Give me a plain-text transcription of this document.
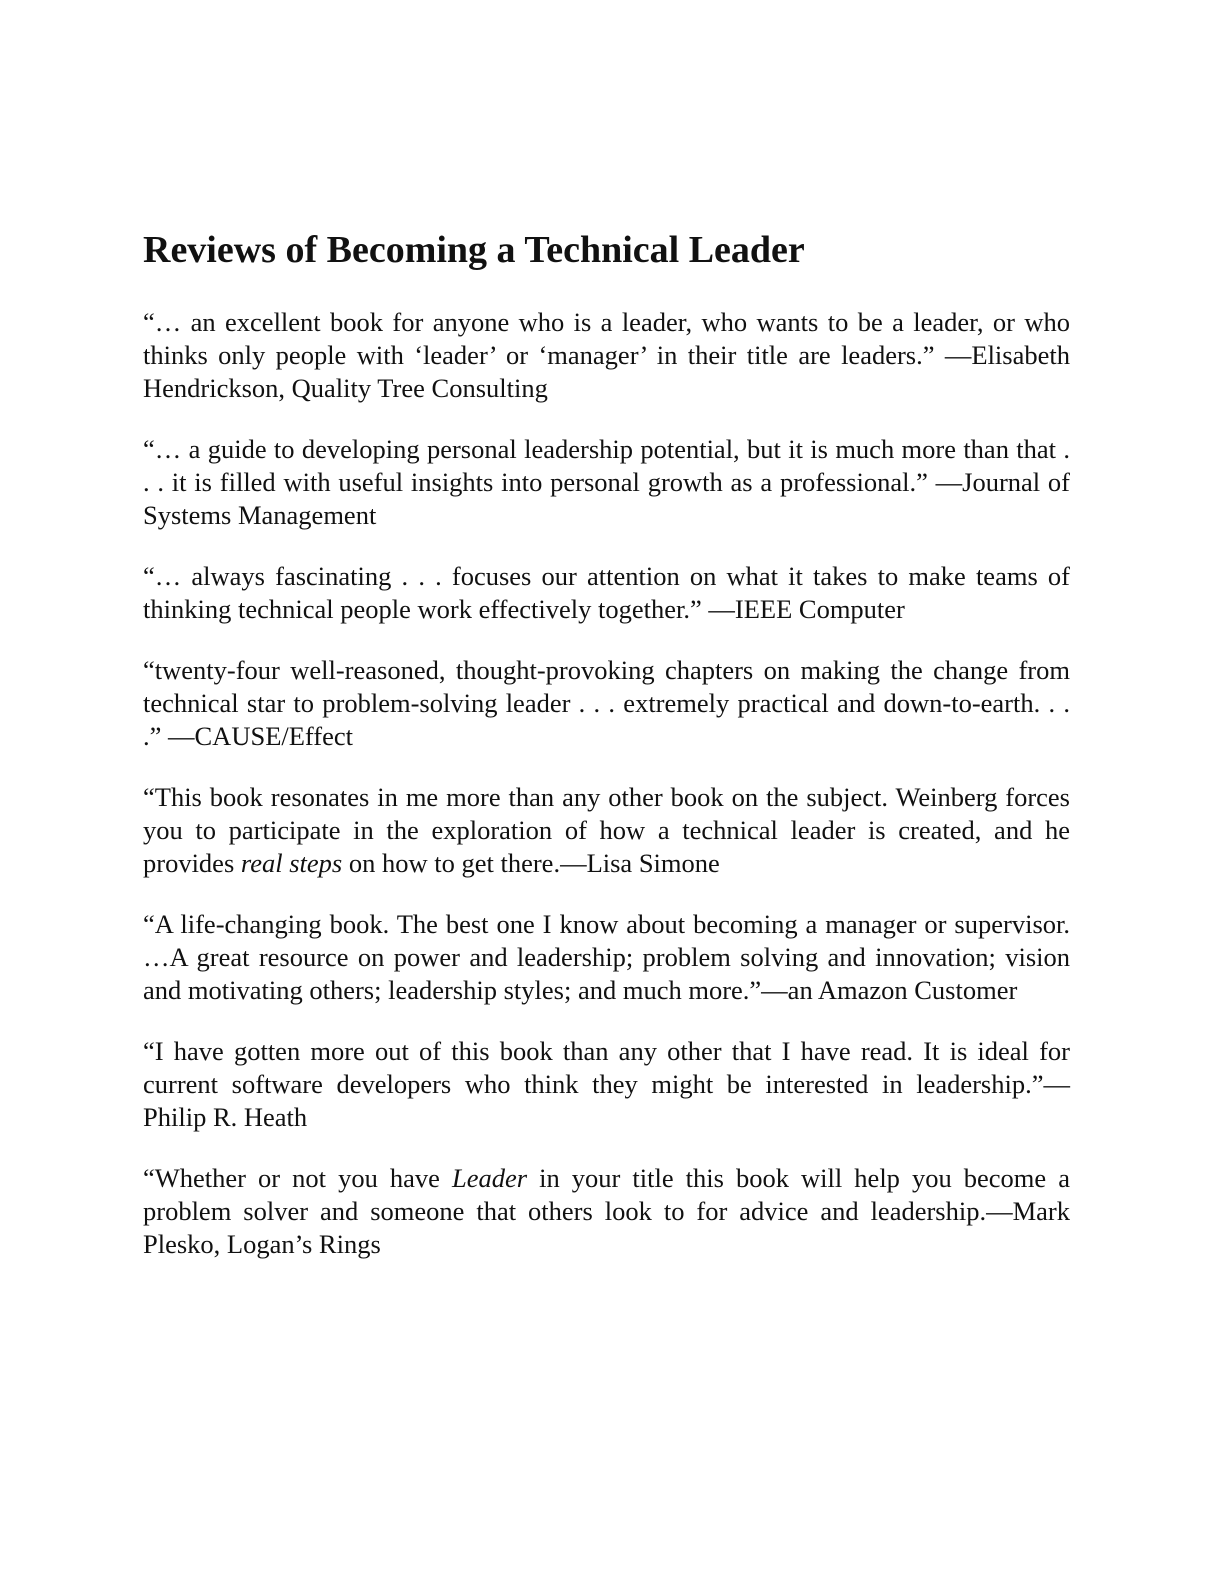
Reviews of Becoming a Technical Leader

“… an excellent book for anyone who is a leader, who wants to be a leader, or who thinks only people with ‘leader’ or ‘manager’ in their title are leaders.” —Elisabeth Hendrickson, Quality Tree Consulting

“… a guide to developing personal leadership potential, but it is much more than that . . . it is filled with useful insights into personal growth as a professional.” —Journal of Systems Management

“… always fascinating . . . focuses our attention on what it takes to make teams of thinking technical people work effectively together.” —IEEE Computer

“twenty-four well-reasoned, thought-provoking chapters on making the change from technical star to problem-solving leader . . . extremely practical and down-to-earth. . . .” —CAUSE/Effect

“This book resonates in me more than any other book on the subject. Weinberg forces you to participate in the exploration of how a technical leader is created, and he provides real steps on how to get there.—Lisa Simone

“A life-changing book. The best one I know about becoming a manager or supervisor. …A great resource on power and leadership; problem solving and innovation; vision and motivating others; leadership styles; and much more.”—an Amazon Customer

“I have gotten more out of this book than any other that I have read. It is ideal for current software developers who think they might be interested in leadership.”— Philip R. Heath

“Whether or not you have Leader in your title this book will help you become a problem solver and someone that others look to for advice and leadership.—Mark Plesko, Logan’s Rings
